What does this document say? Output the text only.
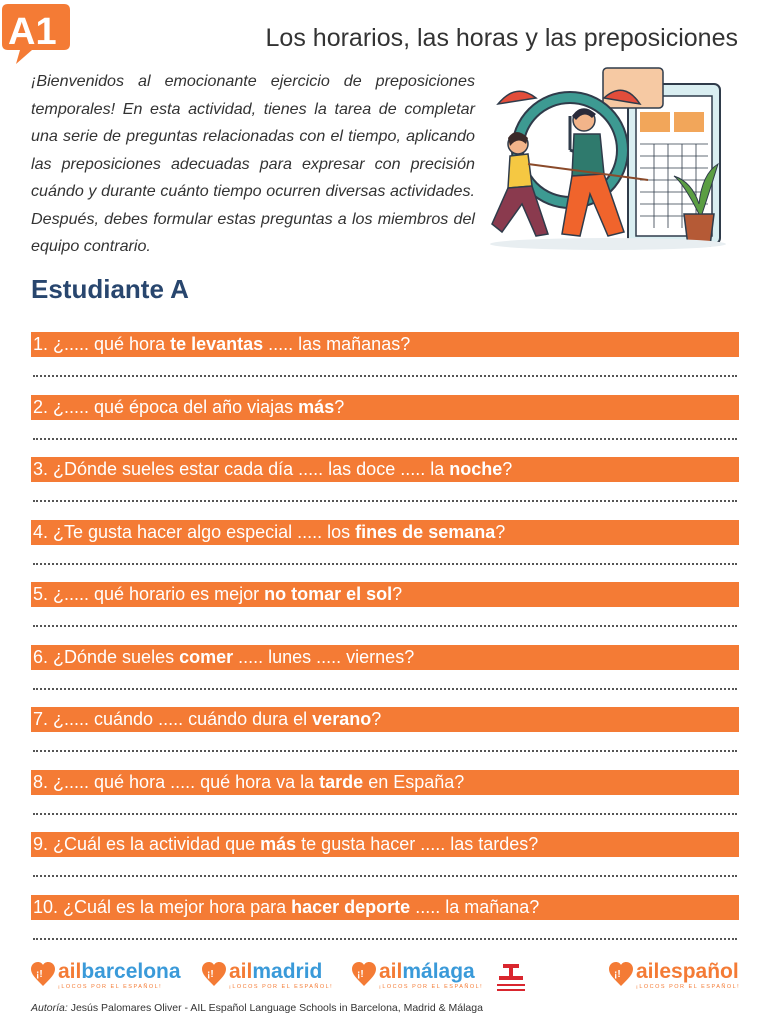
A1	Los horarios, las horas y las preposiciones

¡Bienvenidos al emocionante ejercicio de preposiciones temporales! En esta actividad, tienes la tarea de completar una serie de preguntas relacionadas con el tiempo, aplicando las preposiciones adecuadas para expresar con precisión cuándo y durante cuánto tiempo ocurren diversas actividades. Después, debes formular estas preguntas a los miembros del equipo contrario.

Estudiante A
1. ¿..... qué hora te levantas ..... las mañanas?
2. ¿..... qué época del año viajas más?
3. ¿Dónde sueles estar cada día ..... las doce ..... la noche?
4. ¿Te gusta hacer algo especial ..... los fines de semana?
5. ¿..... qué horario es mejor no tomar el sol?
6. ¿Dónde sueles comer ..... lunes ..... viernes?
7. ¿..... cuándo ..... cuándo dura el verano?
8. ¿..... qué hora ..... qué hora va la tarde en España?
9. ¿Cuál es la actividad que más te gusta hacer ..... las tardes?
10. ¿Cuál es la mejor hora para hacer deporte ..... la mañana?
¡! ailbarcelona
¡LOCOS POR EL ESPAÑOL!
¡! ailmadrid
¡LOCOS POR EL ESPAÑOL!
¡! ailmálaga
¡LOCOS POR EL ESPAÑOL!
¡! ailespañol
¡LOCOS POR EL ESPAÑOL!
Autoría: Jesús Palomares Oliver - AIL Español Language Schools in Barcelona, Madrid & Málaga
